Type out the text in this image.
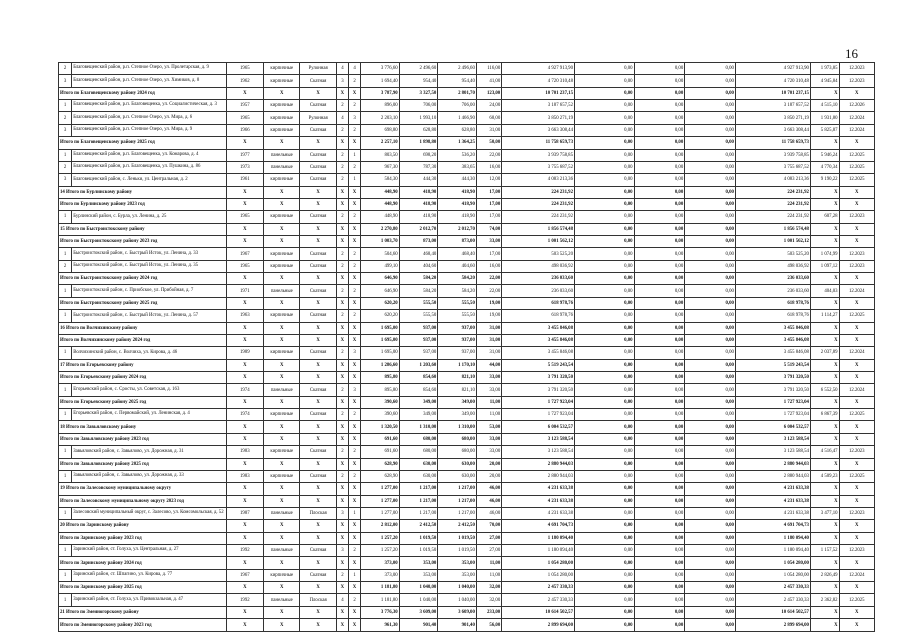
16
2	Благовещенский район, р.п. Степное Озеро, ул. Пролетарская, д. 9	1965	кирпичные	Рулонная	4	4	3 776,60	2 496,60	2 496,60	116,00	4 927 913,90	0,00	0,00	0,00	4 927 913,90	1 973,85	12.2023
3	Благовещенский район, р.п. Степное Озеро, ул. Химиков, д. 8	1962	кирпичные	Скатная	3	2	1 694,40	954,40	954,40	41,00	4 720 310,48	0,00	0,00	0,00	4 720 310,48	4 945,84	12.2023
Итого по Благовещенскому району 2024 год		X	X	X	X	X	3 787,90	3 327,50	2 801,70	123,00	10 701 237,15	0,00	0,00	0,00	10 701 237,15	X	X
1	Благовещенский район, р.п. Благовещенка, ул. Социалистическая, д. 3	1957	кирпичные	Скатная	2	2	896,00	706,00	706,00	24,00	3 187 657,52	0,00	0,00	0,00	3 187 657,52	4 515,10	12.2026
2	Благовещенский район, р.п. Степное Озеро, ул. Мира, д. 6	1965	кирпичные	Рулонная	4	3	2 203,10	1 993,10	1 466,90	68,00	3 850 271,19	0,00	0,00	0,00	3 850 271,19	1 931,80	12.2024
3	Благовещенский район, р.п. Степное Озеро, ул. Мира, д. 9	1966	кирпичные	Скатная	2	2	698,80	628,80	628,80	31,00	3 663 308,44	0,00	0,00	0,00	3 663 308,44	5 825,87	12.2024
Итого по Благовещенскому району 2025 год		X	X	X	X	X	2 257,10	1 898,80	1 364,25	50,00	11 758 659,73	0,00	0,00	0,00	11 758 659,73	X	X
1	Благовещенский район, р.п. Благовещенка, ул. Комарова, д. 4	1977	панельные	Скатная	2	1	803,50	698,20	536,20	22,00	3 939 758,85	0,00	0,00	0,00	3 939 758,85	5 946,24	12.2025
2	Благовещенский район, р.п. Благовещенка, ул. Пушкина, д. 86	1973	панельные	Скатная	2	2	967,30	787,30	383,65	16,00	3 755 687,52	0,00	0,00	0,00	3 755 687,52	4 770,34	12.2025
3	Благовещенский район, с. Леньки, ул. Центральная, д. 2	1961	кирпичные	Скатная	2	1	584,30	444,30	444,30	12,00	4 083 213,36	0,00	0,00	0,00	4 083 213,36	9 190,22	12.2025
14 Итого по Бурлинскому району		X	X	X	X	X	448,90	418,90	418,90	17,00	224 231,92	0,00	0,00	0,00	224 231,92	X	X
Итого по Бурлинскому району 2023 год		X	X	X	X	X	448,90	418,90	418,90	17,00	224 231,92	0,00	0,00	0,00	224 231,92	X	X
1	Бурлинский район, с. Бурла, ул. Ленина, д. 25	1965	кирпичные	Скатная	2	2	448,90	418,90	418,90	17,00	224 231,92	0,00	0,00	0,00	224 231,92	607,28	12.2023
15 Итого по Быстроистокскому району		X	X	X	X	X	2 270,80	2 012,70	2 012,70	74,00	1 856 574,48	0,00	0,00	0,00	1 856 574,48	X	X
Итого по Быстроистокскому району 2023 год		X	X	X	X	X	1 003,70	873,00	873,00	33,00	1 001 562,12	0,00	0,00	0,00	1 001 562,12	X	X
1	Быстроистокский район, с. Быстрый Исток, ул. Ленина, д. 33	1967	кирпичные	Скатная	2	2	504,60	468,40	468,40	17,00	503 525,20	0,00	0,00	0,00	503 525,20	1 074,99	12.2023
2	Быстроистокский район, с. Быстрый Исток, ул. Ленина, д. 35	1965	кирпичные	Скатная	2	2	499,10	404,60	404,60	16,00	498 036,92	0,00	0,00	0,00	498 036,92	1 097,12	12.2023
Итого по Быстроистокскому району 2024 год		X	X	X	X	X	646,90	584,20	584,20	22,00	236 033,60	0,00	0,00	0,00	236 033,60	X	X
1	Быстроистокский район, с. Приобское, ул. Прибойная, д. 7	1971	панельные	Скатная	2	2	646,90	584,20	584,20	22,00	236 033,60	0,00	0,00	0,00	236 033,60	404,03	12.2024
Итого по Быстроистокскому району 2025 год		X	X	X	X	X	620,20	555,50	555,50	19,00	618 978,76	0,00	0,00	0,00	618 978,76	X	X
1	Быстроистокский район, с. Быстрый Исток, ул. Ленина, д. 57	1963	кирпичные	Скатная	2	2	620,20	555,50	555,50	19,00	618 978,76	0,00	0,00	0,00	618 978,76	1 114,27	12.2025
16 Итого по Волчихинскому району		X	X	X	X	X	1 695,00	937,00	937,00	31,00	3 455 846,08	0,00	0,00	0,00	3 455 846,08	X	X
Итого по Волчихинскому району 2024 год		X	X	X	X	X	1 695,00	937,00	937,00	31,00	3 455 846,08	0,00	0,00	0,00	3 455 846,08	X	X
1	Волчихинский район, с. Волчиха, ул. Кирова, д. 46	1989	кирпичные	Скатная	2	3	1 695,00	937,00	937,00	31,00	3 455 846,08	0,00	0,00	0,00	3 455 846,08	2 037,89	12.2024
17 Итого по Егорьевскому району		X	X	X	X	X	1 286,60	1 203,60	1 170,10	44,00	5 519 243,54	0,00	0,00	0,00	5 519 243,54	X	X
Итого по Егорьевскому району 2024 год		X	X	X	X	X	895,80	854,60	821,10	33,00	3 791 320,50	0,00	0,00	0,00	3 791 320,50	X	X
1	Егорьевский район, с. Сросты, ул. Советская, д. 163	1974	панельные	Скатная	2	3	895,80	854,60	821,10	33,00	3 791 320,50	0,00	0,00	0,00	3 791 320,50	6 552,50	12.2024
Итого по Егорьевскому району 2025 год		X	X	X	X	X	390,60	349,00	349,00	11,00	1 727 923,04	0,00	0,00	0,00	1 727 923,04	X	X
1	Егорьевский район, с. Первомайский, ул. Ленинская, д. 4	1974	кирпичные	Скатная	2	2	390,60	349,00	349,00	11,00	1 727 923,04	0,00	0,00	0,00	1 727 923,04	6 867,39	12.2025
18 Итого по Завьяловскому району		X	X	X	X	X	1 320,50	1 310,00	1 310,00	53,00	6 004 532,57	0,00	0,00	0,00	6 004 532,57	X	X
Итого по Завьяловскому району 2023 год		X	X	X	X	X	691,60	680,00	680,00	33,00	3 123 588,54	0,00	0,00	0,00	3 123 588,54	X	X
1	Завьяловский район, с. Завьялово, ул. Дорожная, д. 31	1983	кирпичные	Скатная	2	2	691,60	680,00	680,00	33,00	3 123 588,54	0,00	0,00	0,00	3 123 588,54	4 516,47	12.2023
Итого по Завьяловскому району 2025 год		X	X	X	X	X	628,90	630,00	630,00	20,00	2 880 944,03	0,00	0,00	0,00	2 880 944,03	X	X
1	Завьяловский район, с. Завьялово, ул. Дорожная, д. 33	1983	кирпичные	Скатная	2	2	628,90	630,00	630,00	20,00	2 880 944,03	0,00	0,00	0,00	2 880 944,03	4 509,23	12.2025
19 Итого по Залесовскому муниципальному округу		X	X	X	X	X	1 277,00	1 217,00	1 217,00	46,00	4 231 633,38	0,00	0,00	0,00	4 231 633,38	X	X
Итого по Залесовскому муниципальному округу 2023 год		X	X	X	X	X	1 277,00	1 217,00	1 217,00	46,00	4 231 633,38	0,00	0,00	0,00	4 231 633,38	X	X
1	Залесовский муниципальный округ, с. Залесово, ул. Комсомольская, д. 52	1987	панельные	Плоская	3	1	1 277,00	1 217,00	1 217,00	46,00	4 231 633,38	0,00	0,00	0,00	4 231 633,38	3 477,10	12.2023
20 Итого по Заринскому району		X	X	X	X	X	2 812,00	2 412,50	2 412,50	70,00	4 691 704,73	0,00	0,00	0,00	4 691 704,73	X	X
Итого по Заринскому району 2023 год		X	X	X	X	X	1 257,20	1 019,50	1 019,50	27,00	1 180 094,40	0,00	0,00	0,00	1 180 094,40	X	X
1	Заринский район, ст. Голуха, ул. Центральная, д. 27	1992	панельные	Скатная	3	2	1 257,20	1 019,50	1 019,50	27,00	1 180 094,40	0,00	0,00	0,00	1 180 094,40	1 157,52	12.2023
Итого по Заринскому району 2024 год		X	X	X	X	X	373,00	353,00	353,00	11,00	1 054 280,00	0,00	0,00	0,00	1 054 280,00	X	X
1	Заринский район, ст. Шпагино, ул. Кирова, д. 77	1967	кирпичные	Скатная	2	1	373,00	353,00	353,00	11,00	1 054 280,00	0,00	0,00	0,00	1 054 280,00	2 826,49	12.2024
Итого по Заринскому району 2025 год		X	X	X	X	X	1 181,80	1 040,00	1 040,00	32,00	2 457 330,33	0,00	0,00	0,00	2 457 330,33	X	X
1	Заринский район, ст. Голуха, ул. Привокзальная, д. 47	1992	панельные	Плоская	4	2	1 181,80	1 040,00	1 040,00	32,00	2 457 330,33	0,00	0,00	0,00	2 457 330,33	2 362,82	12.2025
21 Итого по Змеиногорскому району		X	X	X	X	X	3 776,30	3 609,00	3 609,00	233,00	10 614 502,57	0,00	0,00	0,00	10 614 502,57	X	X
Итого по Змеиногорскому району 2023 год		X	X	X	X	X	961,30	901,40	901,40	56,00	2 899 694,00	0,00	0,00	0,00	2 899 694,00	X	X
